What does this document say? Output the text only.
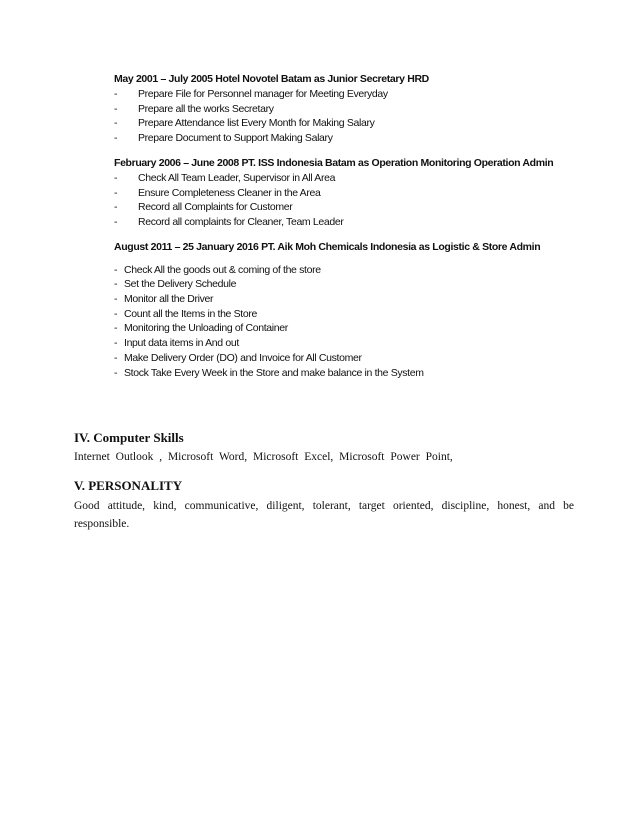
May 2001 – July 2005 Hotel Novotel Batam as Junior Secretary HRD

- Prepare File for Personnel manager for Meeting Everyday
- Prepare all the works Secretary
- Prepare Attendance list Every Month for Making Salary
- Prepare Document to Support Making Salary

February 2006 – June 2008 PT. ISS Indonesia Batam as Operation Monitoring Operation Admin

- Check All Team Leader, Supervisor in All Area
- Ensure Completeness Cleaner in the Area
- Record all Complaints for Customer
- Record all complaints for Cleaner, Team Leader

August 2011 – 25 January 2016 PT. Aik Moh Chemicals Indonesia as Logistic & Store Admin

- Check All the goods out & coming of the store
- Set the Delivery Schedule
- Monitor all the Driver
- Count all the Items in the Store
- Monitoring the Unloading of Container
- Input data items in And out
- Make Delivery Order (DO) and Invoice for All Customer
- Stock Take Every Week in the Store and make balance in the System

IV. Computer Skills

Internet Outlook , Microsoft Word, Microsoft Excel, Microsoft Power Point,

V. PERSONALITY

Good attitude, kind, communicative, diligent, tolerant, target oriented, discipline, honest, and be responsible.
